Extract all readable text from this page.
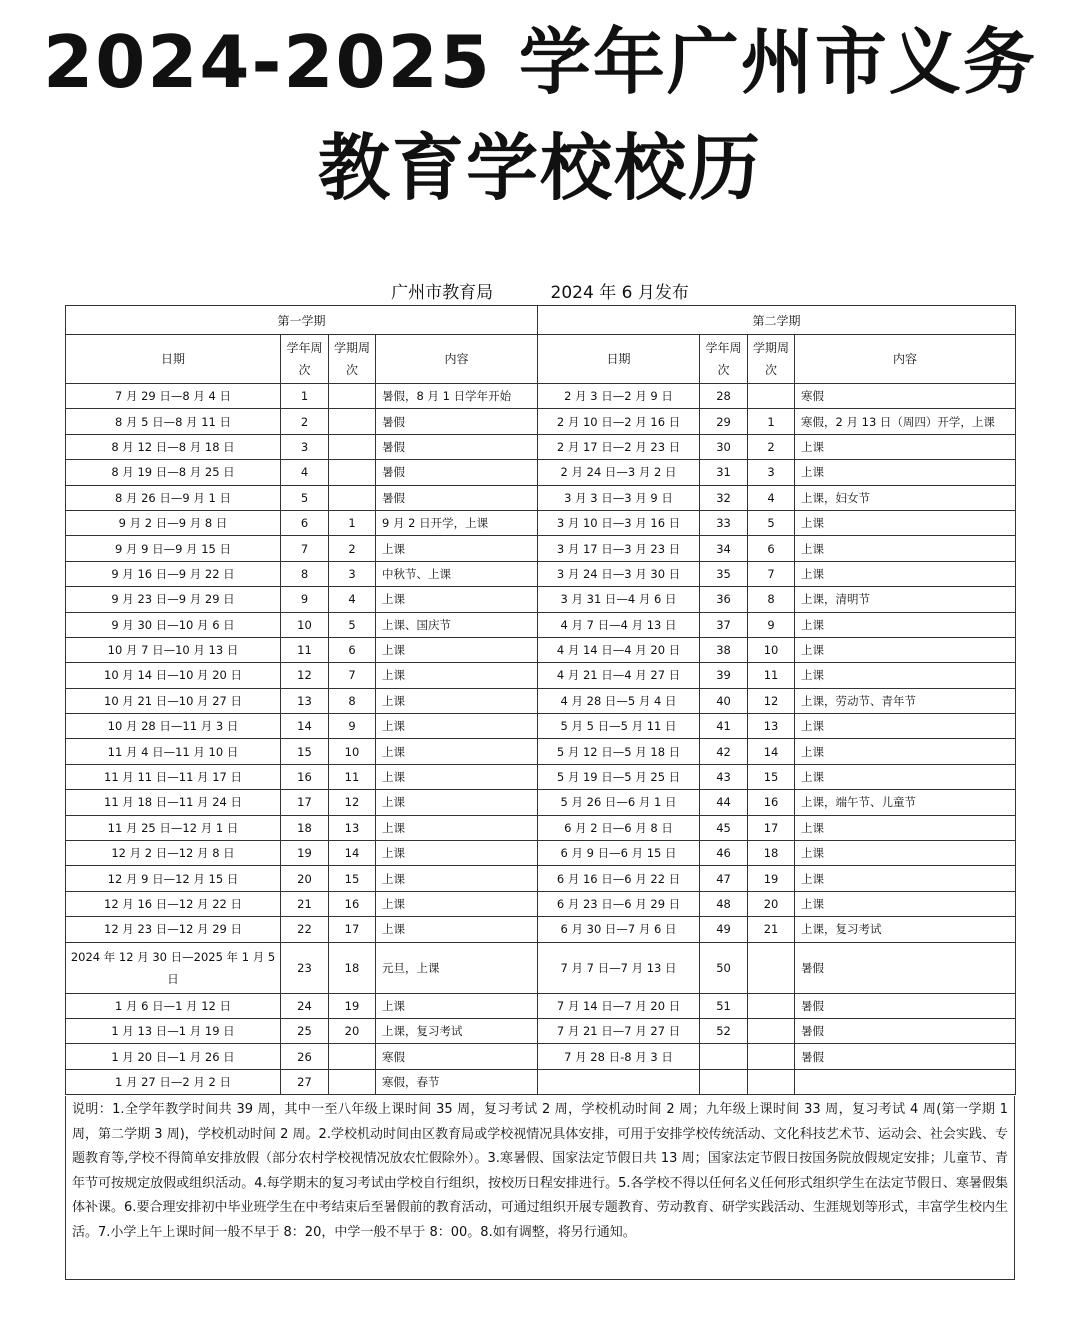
2024-2025 学年广州市义务
教育学校校历
广州市教育局	2024 年 6 月发布
第一学期				第二学期			
日期	学年周次	学期周次	内容	日期	学年周次	学期周次	内容
7 月 29 日—8 月 4 日	1		暑假，8 月 1 日学年开始	2 月 3 日—2 月 9 日	28		寒假
8 月 5 日—8 月 11 日	2		暑假	2 月 10 日—2 月 16 日	29	1	寒假，2 月 13 日（周四）开学，上课
8 月 12 日—8 月 18 日	3		暑假	2 月 17 日—2 月 23 日	30	2	上课
8 月 19 日—8 月 25 日	4		暑假	2 月 24 日—3 月 2 日	31	3	上课
8 月 26 日—9 月 1 日	5		暑假	3 月 3 日—3 月 9 日	32	4	上课，妇女节
9 月 2 日—9 月 8 日	6	1	9 月 2 日开学，上课	3 月 10 日—3 月 16 日	33	5	上课
9 月 9 日—9 月 15 日	7	2	上课	3 月 17 日—3 月 23 日	34	6	上课
9 月 16 日—9 月 22 日	8	3	中秋节、上课	3 月 24 日—3 月 30 日	35	7	上课
9 月 23 日—9 月 29 日	9	4	上课	3 月 31 日—4 月 6 日	36	8	上课，清明节
9 月 30 日—10 月 6 日	10	5	上课、国庆节	4 月 7 日—4 月 13 日	37	9	上课
10 月 7 日—10 月 13 日	11	6	上课	4 月 14 日—4 月 20 日	38	10	上课
10 月 14 日—10 月 20 日	12	7	上课	4 月 21 日—4 月 27 日	39	11	上课
10 月 21 日—10 月 27 日	13	8	上课	4 月 28 日—5 月 4 日	40	12	上课，劳动节、青年节
10 月 28 日—11 月 3 日	14	9	上课	5 月 5 日—5 月 11 日	41	13	上课
11 月 4 日—11 月 10 日	15	10	上课	5 月 12 日—5 月 18 日	42	14	上课
11 月 11 日—11 月 17 日	16	11	上课	5 月 19 日—5 月 25 日	43	15	上课
11 月 18 日—11 月 24 日	17	12	上课	5 月 26 日—6 月 1 日	44	16	上课，端午节、儿童节
11 月 25 日—12 月 1 日	18	13	上课	6 月 2 日—6 月 8 日	45	17	上课
12 月 2 日—12 月 8 日	19	14	上课	6 月 9 日—6 月 15 日	46	18	上课
12 月 9 日—12 月 15 日	20	15	上课	6 月 16 日—6 月 22 日	47	19	上课
12 月 16 日—12 月 22 日	21	16	上课	6 月 23 日—6 月 29 日	48	20	上课
12 月 23 日—12 月 29 日	22	17	上课	6 月 30 日—7 月 6 日	49	21	上课，复习考试
2024 年 12 月 30 日—2025 年 1 月 5 日	23	18	元旦，上课	7 月 7 日—7 月 13 日	50		暑假
1 月 6 日—1 月 12 日	24	19	上课	7 月 14 日—7 月 20 日	51		暑假
1 月 13 日—1 月 19 日	25	20	上课，复习考试	7 月 21 日—7 月 27 日	52		暑假
1 月 20 日—1 月 26 日	26		寒假	7 月 28 日-8 月 3 日			暑假
1 月 27 日—2 月 2 日	27		寒假，春节				
说明：1.全学年教学时间共 39 周，其中一至八年级上课时间 35 周，复习考试 2 周，学校机动时间 2 周；九年级上课时间 33 周，复习考试 4 周(第一学期 1 周，第二学期 3 周)，学校机动时间 2 周。2.学校机动时间由区教育局或学校视情况具体安排，可用于安排学校传统活动、文化科技艺术节、运动会、社会实践、专题教育等,学校不得简单安排放假（部分农村学校视情况放农忙假除外）。3.寒暑假、国家法定节假日共 13 周；国家法定节假日按国务院放假规定安排；儿童节、青年节可按规定放假或组织活动。4.每学期末的复习考试由学校自行组织，按校历日程安排进行。5.各学校不得以任何名义任何形式组织学生在法定节假日、寒暑假集体补课。6.要合理安排初中毕业班学生在中考结束后至暑假前的教育活动，可通过组织开展专题教育、劳动教育、研学实践活动、生涯规划等形式，丰富学生校内生活。7.小学上午上课时间一般不早于 8：20，中学一般不早于 8：00。8.如有调整，将另行通知。
